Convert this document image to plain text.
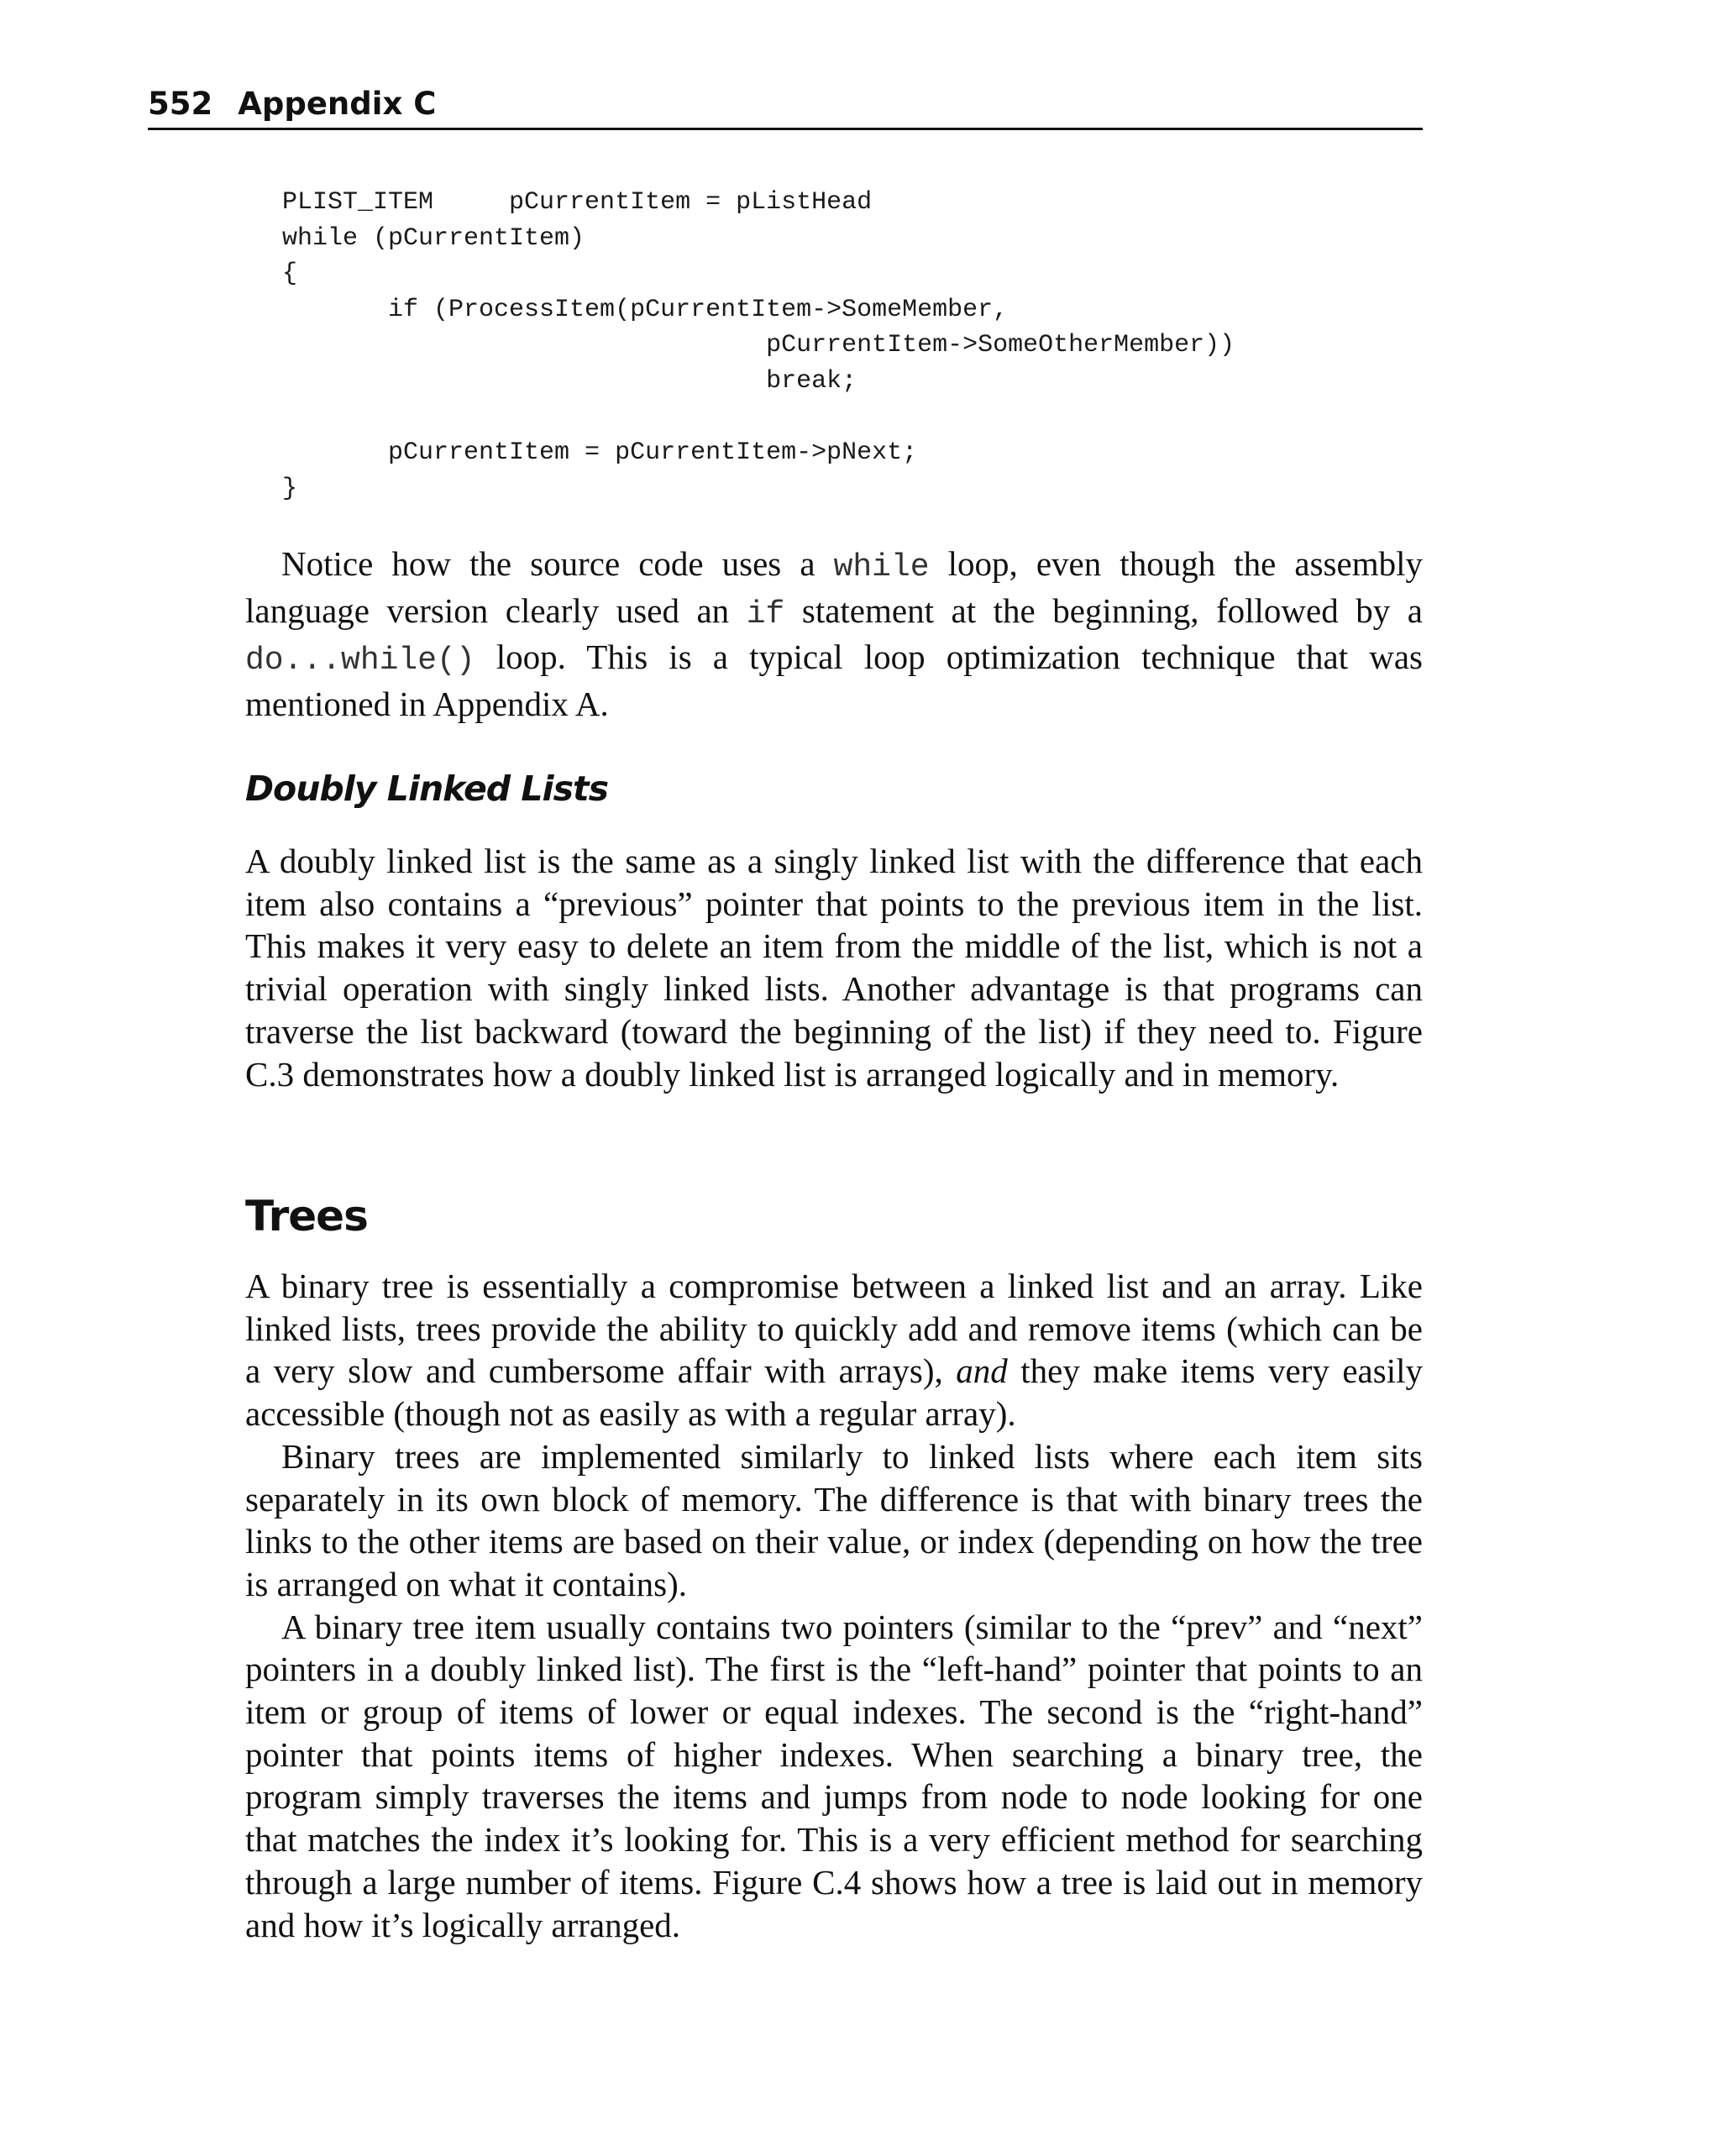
552 Appendix C
PLIST_ITEM     pCurrentItem = pListHead
while (pCurrentItem)
{
if (ProcessItem(pCurrentItem->SomeMember,
pCurrentItem->SomeOtherMember))
break;

pCurrentItem = pCurrentItem->pNext;
}

Notice how the source code uses a while loop, even though the assembly language version clearly used an if statement at the beginning, followed by a do...while() loop. This is a typical loop optimization technique that was mentioned in Appendix A.

Doubly Linked Lists

A doubly linked list is the same as a singly linked list with the difference that each item also contains a “previous” pointer that points to the previous item in the list. This makes it very easy to delete an item from the middle of the list, which is not a trivial operation with singly linked lists. Another advantage is that programs can traverse the list backward (toward the beginning of the list) if they need to. Figure C.3 demonstrates how a doubly linked list is arranged logically and in memory.

Trees

A binary tree is essentially a compromise between a linked list and an array. Like linked lists, trees provide the ability to quickly add and remove items (which can be a very slow and cumbersome affair with arrays), and they make items very easily accessible (though not as easily as with a regular array).

Binary trees are implemented similarly to linked lists where each item sits separately in its own block of memory. The difference is that with binary trees the links to the other items are based on their value, or index (depending on how the tree is arranged on what it contains).

A binary tree item usually contains two pointers (similar to the “prev” and “next” pointers in a doubly linked list). The first is the “left-hand” pointer that points to an item or group of items of lower or equal indexes. The second is the “right-hand” pointer that points items of higher indexes. When searching a binary tree, the program simply traverses the items and jumps from node to node looking for one that matches the index it’s looking for. This is a very efficient method for searching through a large number of items. Figure C.4 shows how a tree is laid out in memory and how it’s logically arranged.
